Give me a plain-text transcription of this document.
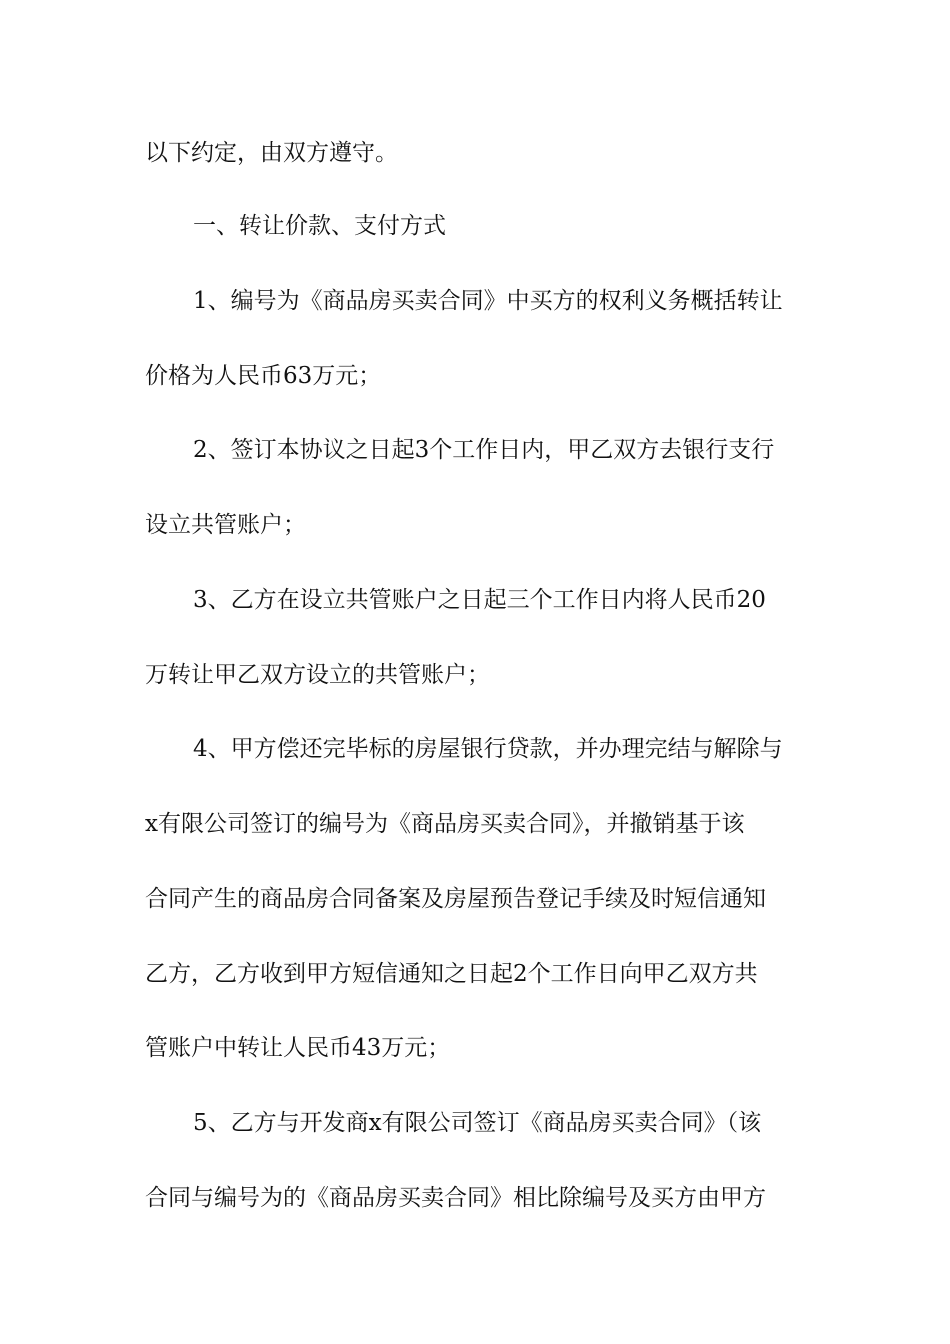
以下约定，由双方遵守。
一、转让价款、支付方式
1、编号为《商品房买卖合同》中买方的权利义务概括转让
价格为人民币63万元；
2、签订本协议之日起3个工作日内，甲乙双方去银行支行
设立共管账户；
3、乙方在设立共管账户之日起三个工作日内将人民币20
万转让甲乙双方设立的共管账户；
4、甲方偿还完毕标的房屋银行贷款，并办理完结与解除与
x有限公司签订的编号为《商品房买卖合同》，并撤销基于该
合同产生的商品房合同备案及房屋预告登记手续及时短信通知
乙方，乙方收到甲方短信通知之日起2个工作日向甲乙双方共
管账户中转让人民币43万元；
5、乙方与开发商x有限公司签订《商品房买卖合同》（该
合同与编号为的《商品房买卖合同》相比除编号及买方由甲方
